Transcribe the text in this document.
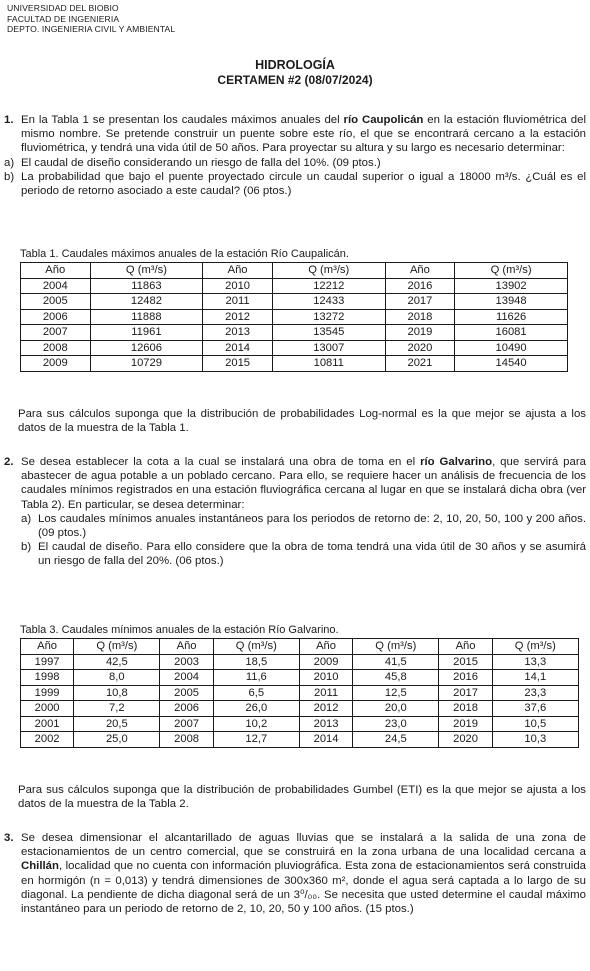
UNIVERSIDAD DEL BIOBIO
FACULTAD DE INGENIERIA
DEPTO. INGENIERIA CIVIL Y AMBIENTAL
HIDROLOGÍA
CERTAMEN #2 (08/07/2024)
1. En la Tabla 1 se presentan los caudales máximos anuales del río Caupolicán en la estación fluviométrica del mismo nombre. Se pretende construir un puente sobre este río, el que se encontrará cercano a la estación fluviométrica, y tendrá una vida útil de 50 años. Para proyectar su altura y su largo es necesario determinar:
a) El caudal de diseño considerando un riesgo de falla del 10%. (09 ptos.)
b) La probabilidad que bajo el puente proyectado circule un caudal superior o igual a 18000 m³/s. ¿Cuál es el periodo de retorno asociado a este caudal? (06 ptos.)
Tabla 1. Caudales máximos anuales de la estación Río Caupalicán.
Año	Q (m³/s)	Año	Q (m³/s)	Año	Q (m³/s)
2004	11863	2010	12212	2016	13902
2005	12482	2011	12433	2017	13948
2006	11888	2012	13272	2018	11626
2007	11961	2013	13545	2019	16081
2008	12606	2014	13007	2020	10490
2009	10729	2015	10811	2021	14540
Para sus cálculos suponga que la distribución de probabilidades Log-normal es la que mejor se ajusta a los datos de la muestra de la Tabla 1.
2. Se desea establecer la cota a la cual se instalará una obra de toma en el río Galvarino, que servirá para abastecer de agua potable a un poblado cercano. Para ello, se requiere hacer un análisis de frecuencia de los caudales mínimos registrados en una estación fluviográfica cercana al lugar en que se instalará dicha obra (ver Tabla 2). En particular, se desea determinar:
a) Los caudales mínimos anuales instantáneos para los periodos de retorno de: 2, 10, 20, 50, 100 y 200 años. (09 ptos.)
b) El caudal de diseño. Para ello considere que la obra de toma tendrá una vida útil de 30 años y se asumirá un riesgo de falla del 20%. (06 ptos.)
Tabla 3. Caudales mínimos anuales de la estación Río Galvarino.
Año	Q (m³/s)	Año	Q (m³/s)	Año	Q (m³/s)	Año	Q (m³/s)
1997	42,5	2003	18,5	2009	41,5	2015	13,3
1998	8,0	2004	11,6	2010	45,8	2016	14,1
1999	10,8	2005	6,5	2011	12,5	2017	23,3
2000	7,2	2006	26,0	2012	20,0	2018	37,6
2001	20,5	2007	10,2	2013	23,0	2019	10,5
2002	25,0	2008	12,7	2014	24,5	2020	10,3
Para sus cálculos suponga que la distribución de probabilidades Gumbel (ETI) es la que mejor se ajusta a los datos de la muestra de la Tabla 2.
3. Se desea dimensionar el alcantarillado de aguas lluvias que se instalará a la salida de una zona de estacionamientos de un centro comercial, que se construirá en la zona urbana de una localidad cercana a Chillán, localidad que no cuenta con información pluviográfica. Esta zona de estacionamientos será construida en hormigón (n = 0,013) y tendrá dimensiones de 300x360 m², donde el agua será captada a lo largo de su diagonal. La pendiente de dicha diagonal será de un 3⁰/₀₀. Se necesita que usted determine el caudal máximo instantáneo para un periodo de retorno de 2, 10, 20, 50 y 100 años. (15 ptos.)
